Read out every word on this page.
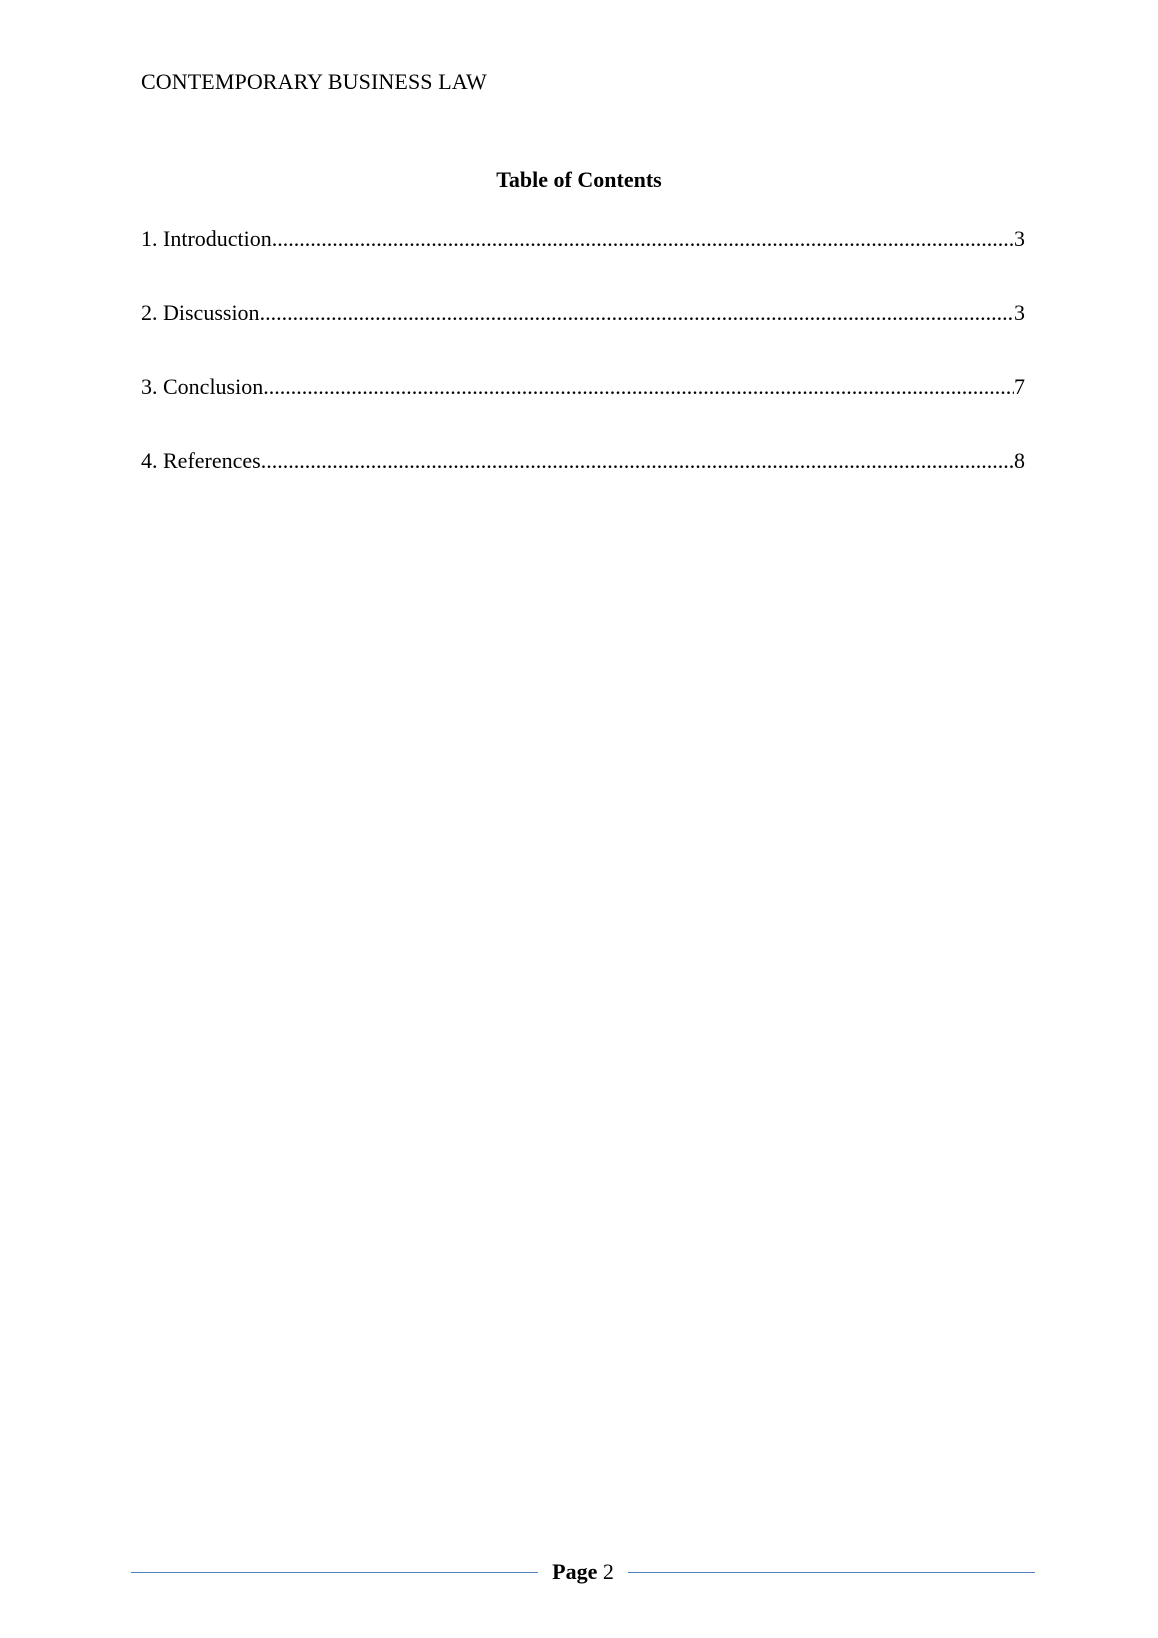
CONTEMPORARY BUSINESS LAW
Table of Contents
1. Introduction .....	3
2. Discussion .....	3
3. Conclusion .....	7
4. References .....	8
Page 2
